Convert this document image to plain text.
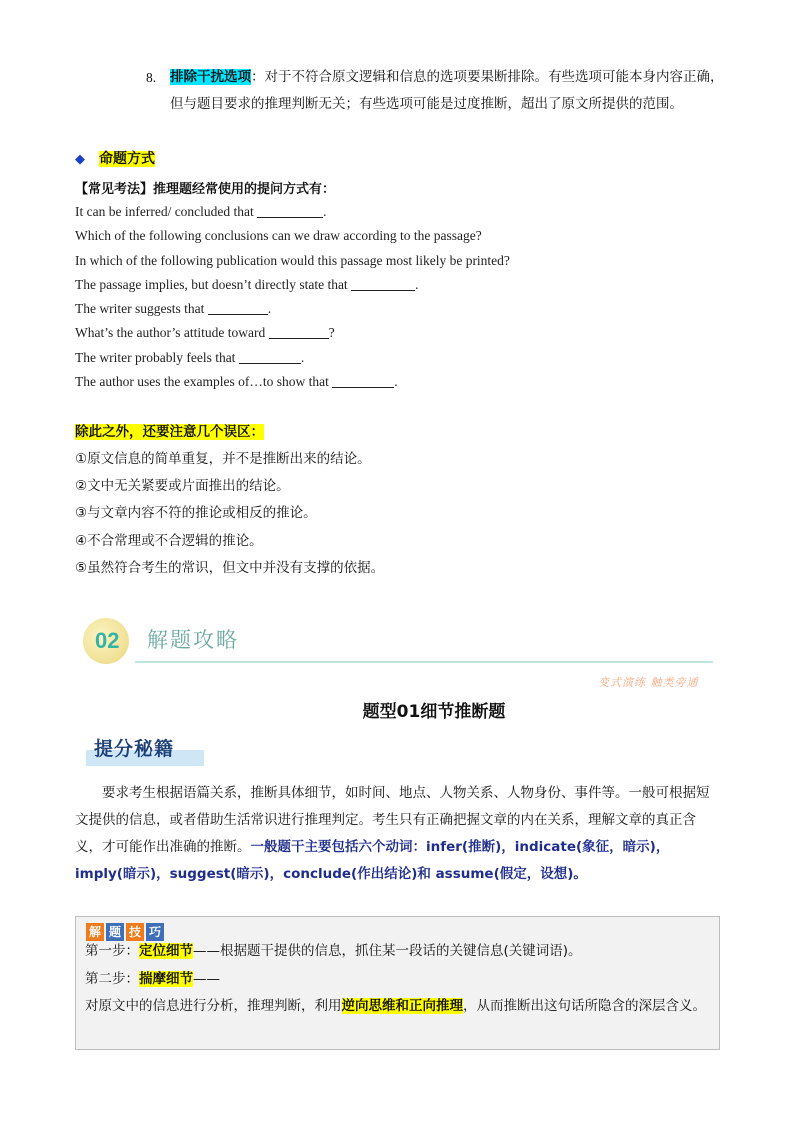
8. 排除干扰选项：对于不符合原文逻辑和信息的选项要果断排除。有些选项可能本身内容正确，但与题目要求的推理判断无关；有些选项可能是过度推断，超出了原文所提供的范围。
◆ 命题方式
【常见考法】推理题经常使用的提问方式有：
It can be inferred/ concluded that	.
Which of the following conclusions can we draw according to the passage?
In which of the following publication would this passage most likely be printed?
The passage implies, but doesn’t directly state that	.
The writer suggests that	.
What’s the author’s attitude toward	?
The writer probably feels that	.
The author uses the examples of…to show that	.
除此之外，还要注意几个误区：
①原文信息的简单重复，并不是推断出来的结论。
②文中无关紧要或片面推出的结论。
③与文章内容不符的推论或相反的推论。
④不合常理或不合逻辑的推论。
⑤虽然符合考生的常识，但文中并没有支撑的依据。
02 解题攻略
变式演练 触类旁通
题型01细节推断题
提分秘籍
要求考生根据语篇关系，推断具体细节，如时间、地点、人物关系、人物身份、事件等。一般可根据短文提供的信息，或者借助生活常识进行推理判定。考生只有正确把握文章的内在关系，理解文章的真正含义，才可能作出准确的推断。一般题干主要包括六个动词：infer(推断)，indicate(象征，暗示)，imply(暗示)，suggest(暗示)，conclude(作出结论)和 assume(假定，设想)。
解 题 技 巧
第一步：定位细节——根据题干提供的信息，抓住某一段话的关键信息(关键词语)。
第二步：揣摩细节——
对原文中的信息进行分析，推理判断，利用逆向思维和正向推理，从而推断出这句话所隐含的深层含义。
